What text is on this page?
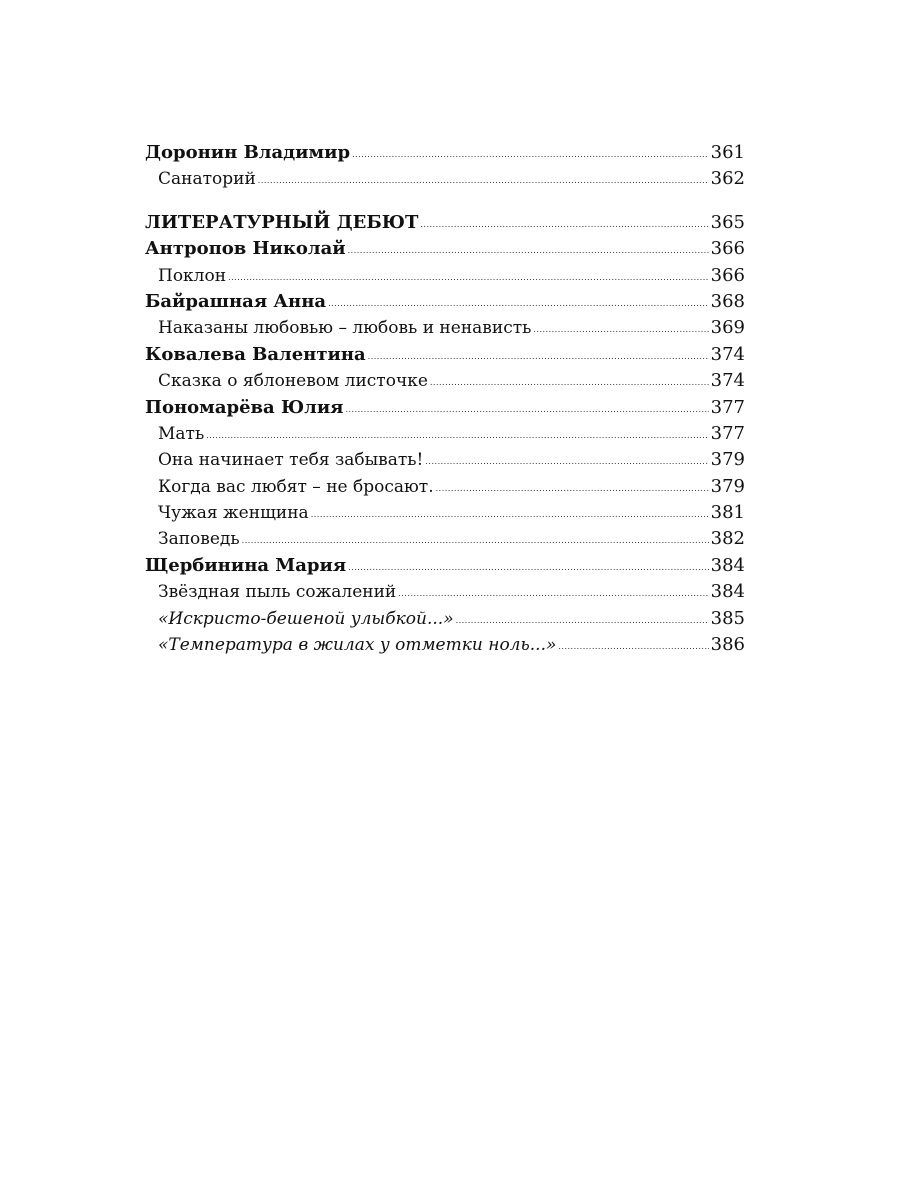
Доронин Владимир .....	361
Санаторий .....	362
ЛИТЕРАТУРНЫЙ ДЕБЮТ .....	365
Антропов Николай .....	366
Поклон .....	366
Байрашная Анна .....	368
Наказаны любовью – любовь и ненависть .....	369
Ковалева Валентина .....	374
Сказка о яблоневом листочке .....	374
Пономарёва Юлия .....	377
Мать .....	377
Она начинает тебя забывать! .....	379
Когда вас любят – не бросают. .....	379
Чужая женщина .....	381
Заповедь .....	382
Щербинина Мария .....	384
Звёздная пыль сожалений .....	384
«Искристо-бешеной улыбкой...» .....	385
«Температура в жилах у отметки ноль...» .....	386
